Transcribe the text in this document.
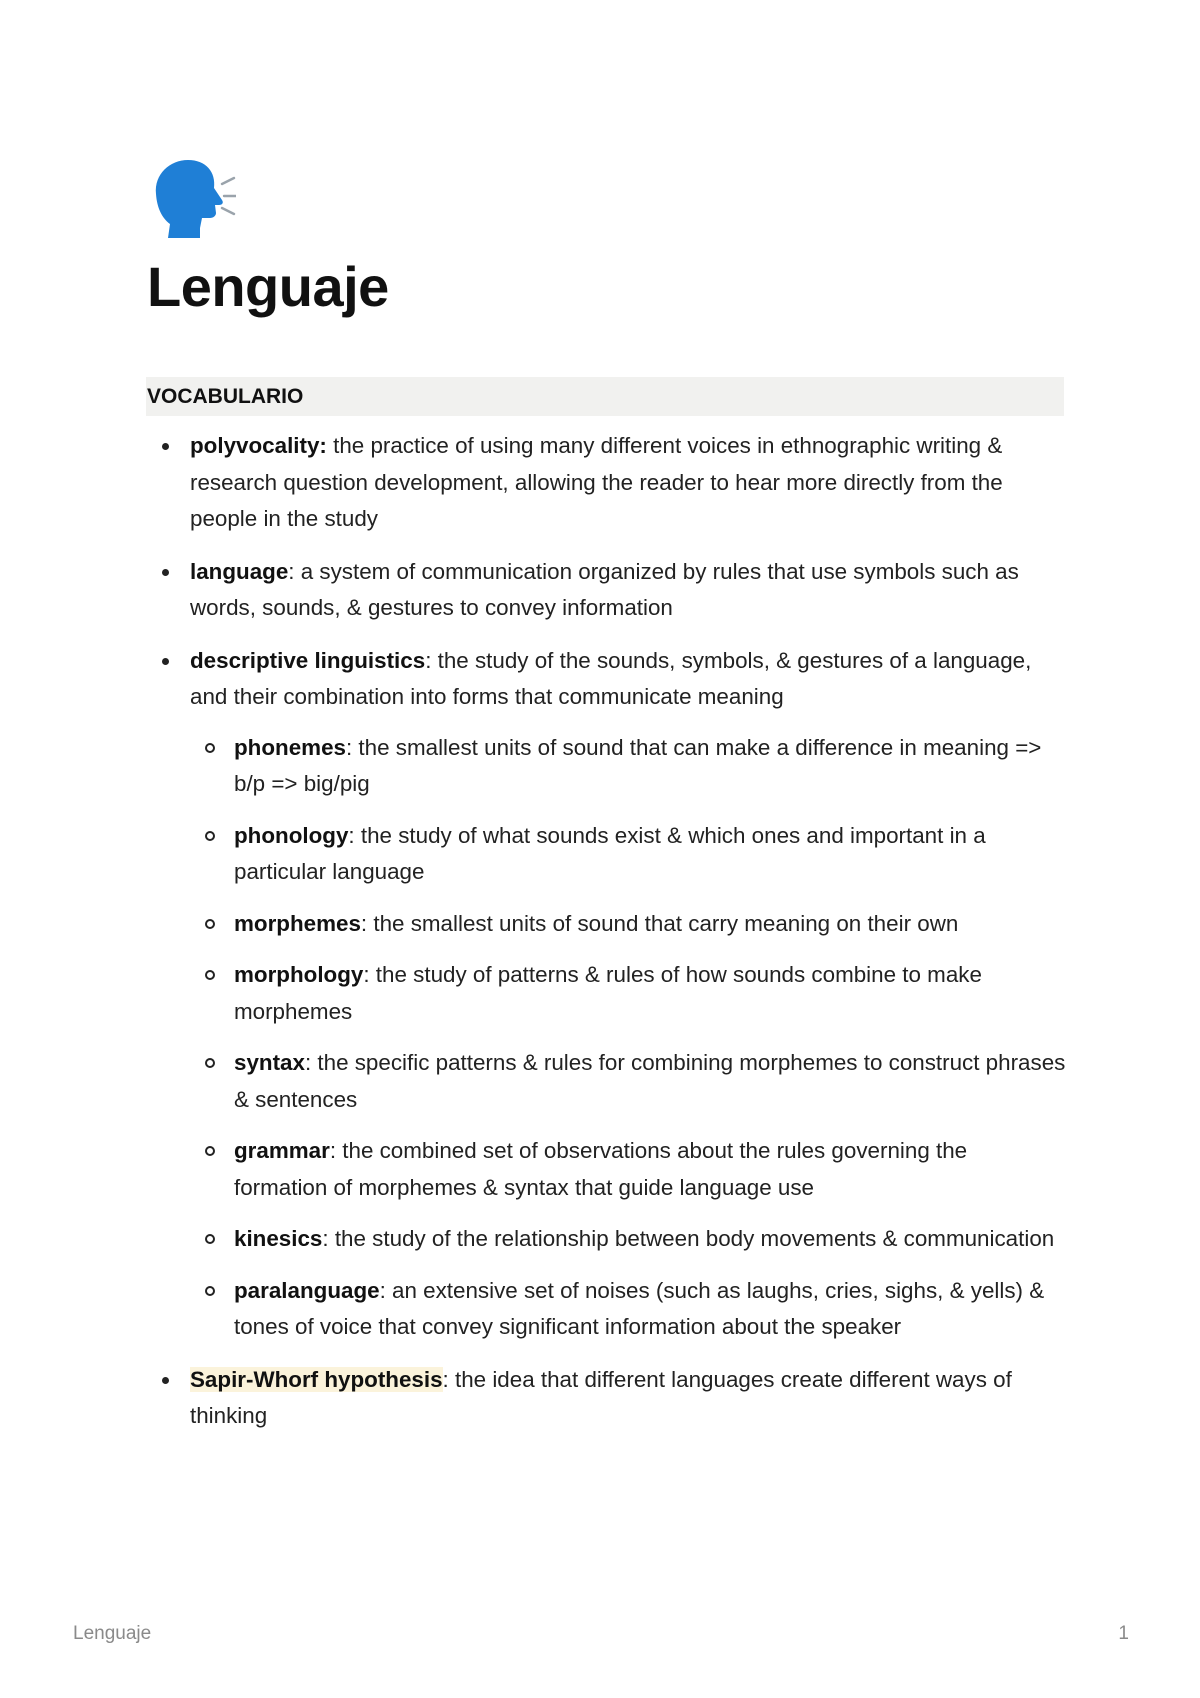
Lenguaje
VOCABULARIO
polyvocality: the practice of using many different voices in ethnographic writing & research question development, allowing the reader to hear more directly from the people in the study
language: a system of communication organized by rules that use symbols such as words, sounds, & gestures to convey information
descriptive linguistics: the study of the sounds, symbols, & gestures of a language, and their combination into forms that communicate meaning
phonemes: the smallest units of sound that can make a difference in meaning => b/p => big/pig
phonology: the study of what sounds exist & which ones and important in a particular language
morphemes: the smallest units of sound that carry meaning on their own
morphology: the study of patterns & rules of how sounds combine to make morphemes
syntax: the specific patterns & rules for combining morphemes to construct phrases & sentences
grammar: the combined set of observations about the rules governing the formation of morphemes & syntax that guide language use
kinesics: the study of the relationship between body movements & communication
paralanguage: an extensive set of noises (such as laughs, cries, sighs, & yells) & tones of voice that convey significant information about the speaker
Sapir-Whorf hypothesis: the idea that different languages create different ways of thinking
Lenguaje	1
